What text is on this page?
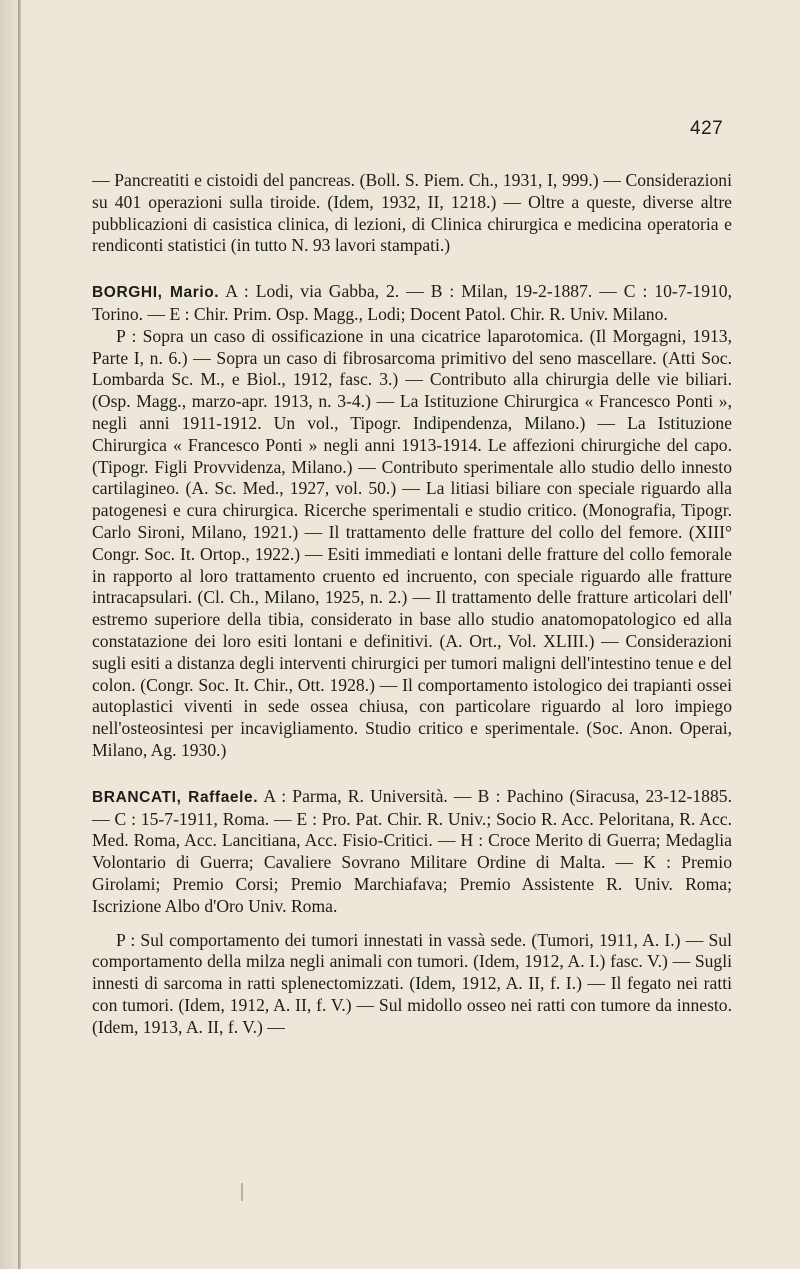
427

— Pancreatiti e cistoidi del pancreas. (Boll. S. Piem. Ch., 1931, I, 999.) — Considerazioni su 401 operazioni sulla tiroide. (Idem, 1932, II, 1218.) — Oltre a queste, diverse altre pubblicazioni di casistica clinica, di lezioni, di Clinica chirurgica e medicina operatoria e rendiconti statistici (in tutto N. 93 lavori stampati.)

BORGHI, Mario. A : Lodi, via Gabba, 2. — B : Milan, 19-2-1887. — C : 10-7-1910, Torino. — E : Chir. Prim. Osp. Magg., Lodi; Docent Patol. Chir. R. Univ. Milano.

P : Sopra un caso di ossificazione in una cicatrice laparotomica. (Il Morgagni, 1913, Parte I, n. 6.) — Sopra un caso di fibrosarcoma primitivo del seno mascellare. (Atti Soc. Lombarda Sc. M., e Biol., 1912, fasc. 3.) — Contributo alla chirurgia delle vie biliari. (Osp. Magg., marzo-apr. 1913, n. 3-4.) — La Istituzione Chirurgica « Francesco Ponti », negli anni 1911-1912. Un vol., Tipogr. Indipendenza, Milano.) — La Istituzione Chirurgica « Francesco Ponti » negli anni 1913-1914. Le affezioni chirurgiche del capo. (Tipogr. Figli Provvidenza, Milano.) — Contributo sperimentale allo studio dello innesto cartilagineo. (A. Sc. Med., 1927, vol. 50.) — La litiasi biliare con speciale riguardo alla patogenesi e cura chirurgica. Ricerche sperimentali e studio critico. (Monografia, Tipogr. Carlo Sironi, Milano, 1921.) — Il trattamento delle fratture del collo del femore. (XIII° Congr. Soc. It. Ortop., 1922.) — Esiti immediati e lontani delle fratture del collo femorale in rapporto al loro trattamento cruento ed incruento, con speciale riguardo alle fratture intracapsulari. (Cl. Ch., Milano, 1925, n. 2.) — Il trattamento delle fratture articolari dell' estremo superiore della tibia, considerato in base allo studio anatomopatologico ed alla constatazione dei loro esiti lontani e definitivi. (A. Ort., Vol. XLIII.) — Considerazioni sugli esiti a distanza degli interventi chirurgici per tumori maligni dell'intestino tenue e del colon. (Congr. Soc. It. Chir., Ott. 1928.) — Il comportamento istologico dei trapianti ossei autoplastici viventi in sede ossea chiusa, con particolare riguardo al loro impiego nell'osteosintesi per incavigliamento. Studio critico e sperimentale. (Soc. Anon. Operai, Milano, Ag. 1930.)

BRANCATI, Raffaele. A : Parma, R. Università. — B : Pachino (Siracusa, 23-12-1885. — C : 15-7-1911, Roma. — E : Pro. Pat. Chir. R. Univ.; Socio R. Acc. Peloritana, R. Acc. Med. Roma, Acc. Lancitiana, Acc. Fisio-Critici. — H : Croce Merito di Guerra; Medaglia Volontario di Guerra; Cavaliere Sovrano Militare Ordine di Malta. — K : Premio Girolami; Premio Corsi; Premio Marchiafava; Premio Assistente R. Univ. Roma; Iscrizione Albo d'Oro Univ. Roma.

P : Sul comportamento dei tumori innestati in vassà sede. (Tumori, 1911, A. I.) — Sul comportamento della milza negli animali con tumori. (Idem, 1912, A. I.) fasc. V.) — Sugli innesti di sarcoma in ratti splenectomizzati. (Idem, 1912, A. II, f. I.) — Il fegato nei ratti con tumori. (Idem, 1912, A. II, f. V.) — Sul midollo osseo nei ratti con tumore da innesto. (Idem, 1913, A. II, f. V.) —
